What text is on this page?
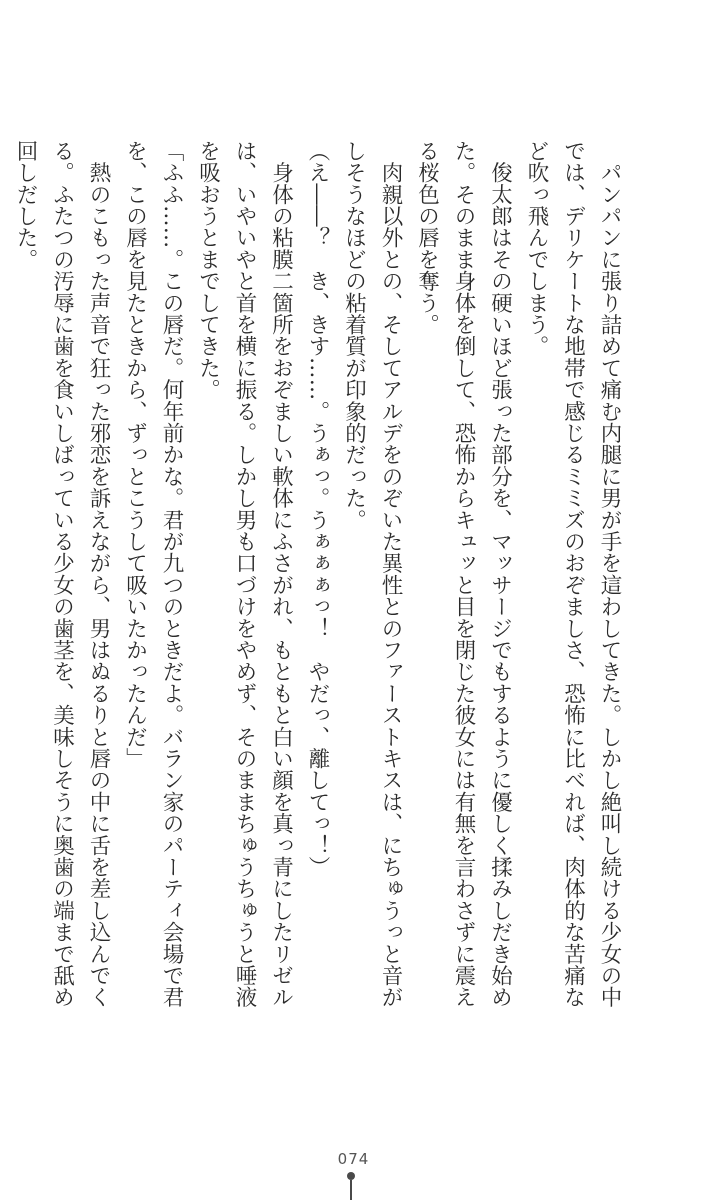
　パンパンに張り詰めて痛む内腿に男が手を這わしてきた。しかし絶叫し続ける少女の中
では、デリケートな地帯で感じるミミズのおぞましさ、恐怖に比べれば、肉体的な苦痛な
ど吹っ飛んでしまう。
　俊太郎はその硬いほど張った部分を、マッサージでもするように優しく揉みしだき始め
た。そのまま身体を倒して、恐怖からキュッと目を閉じた彼女には有無を言わさずに震え
る桜色の唇を奪う。
　肉親以外との、そしてアルデをのぞいた異性とのファーストキスは、にちゅうっと音が
しそうなほどの粘着質が印象的だった。
（え――？　き、きす……。うぁっ。うぁぁぁっ！　やだっ、離してっ！）
　身体の粘膜二箇所をおぞましい軟体にふさがれ、もともと白い顔を真っ青にしたリゼル
は、いやいやと首を横に振る。しかし男も口づけをやめず、そのままちゅうちゅうと唾液
を吸おうとまでしてきた。
「ふふ……。この唇だ。何年前かな。君が九つのときだよ。バラン家のパーティ会場で君
を、この唇を見たときから、ずっとこうして吸いたかったんだ」
　熱のこもった声音で狂った邪恋を訴えながら、男はぬるりと唇の中に舌を差し込んでく
る。ふたつの汚辱に歯を食いしばっている少女の歯茎を、美味しそうに奥歯の端まで舐め
回しだした。
074
